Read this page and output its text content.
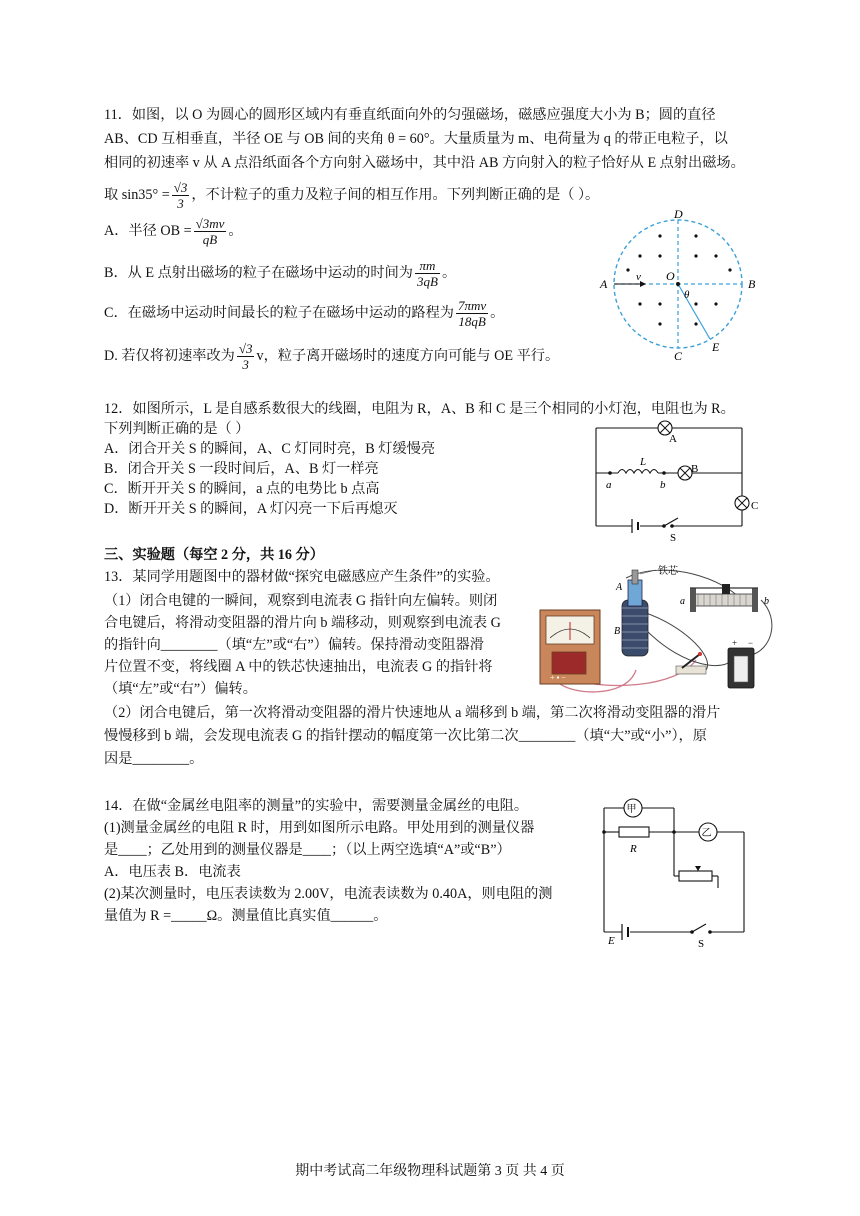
11．如图，以 O 为圆心的圆形区域内有垂直纸面向外的匀强磁场，磁感应强度大小为 B；圆的直径
AB、CD 互相垂直，半径 OE 与 OB 间的夹角 θ = 60°。大量质量为 m、电荷量为 q 的带正电粒子，以
相同的初速率 v 从 A 点沿纸面各个方向射入磁场中，其中沿 AB 方向射入的粒子恰好从 E 点射出磁场。
取 $\sin 35^\circ = \frac{√3}{3}$ ，不计粒子的重力及粒子间的相互作用。下列判断正确的是（ ）。
A．半径 OB = $\frac{√3mv}{qB}$ 。
B．从 E 点射出磁场的粒子在磁场中运动的时间为 $\frac{\pi m}{3qB}$ 。
C．在磁场中运动时间最长的粒子在磁场中运动的路程为 $\frac{\text{7πmv}}{18qB}$ 。
D. 若仅将初速率改为 $\frac{√3}{3}$ v，粒子离开磁场时的速度方向可能与 OE 平行。
D
A	B
C
E
O
v
θ
12．如图所示，L 是自感系数很大的线圈，电阻为 R，A、B 和 C 是三个相同的小灯泡，电阻也为 R。
下列判断正确的是（ ）
A．闭合开关 S 的瞬间，A、C 灯同时亮，B 灯缓慢亮
B．闭合开关 S 一段时间后，A、B 灯一样亮
C．断开开关 S 的瞬间，a 点的电势比 b 点高
D．断开开关 S 的瞬间，A 灯闪亮一下后再熄灭
A
B
C
L
a	b
S
三、实验题（每空 2 分，共 16 分）
13．某同学用题图中的器材做“探究电磁感应产生条件”的实验。
（1）闭合电键的一瞬间，观察到电流表 G 指针向左偏转。则闭
合电键后，将滑动变阻器的滑片向 b 端移动，则观察到电流表 G
的指针向________（填“左”或“右”）偏转。保持滑动变阻器滑
片位置不变，将线圈 A 中的铁芯快速抽出，电流表 G 的指针将
（填“左”或“右”）偏转。
（2）闭合电键后，第一次将滑动变阻器的滑片快速地从 a 端移到 b 端，第二次将滑动变阻器的滑片
慢慢移到 b 端，会发现电流表 G 的指针摆动的幅度第一次比第二次________（填“大”或“小”），原
因是________。
+ ▪ −
铁芯
A
B
a	b
+ −
14．在做“金属丝电阻率的测量”的实验中，需要测量金属丝的电阻。
(1)测量金属丝的电阻 R 时，用到如图所示电路。甲处用到的测量仪器
是____；乙处用到的测量仪器是____；（以上两空选填“A”或“B”）
A．电压表 B．电流表
(2)某次测量时，电压表读数为 2.00V，电流表读数为 0.40A，则电阻的测
量值为 R =_____Ω。测量值比真实值______。
甲
R
乙
E	S
期中考试高二年级物理科试题第 3 页 共 4 页
